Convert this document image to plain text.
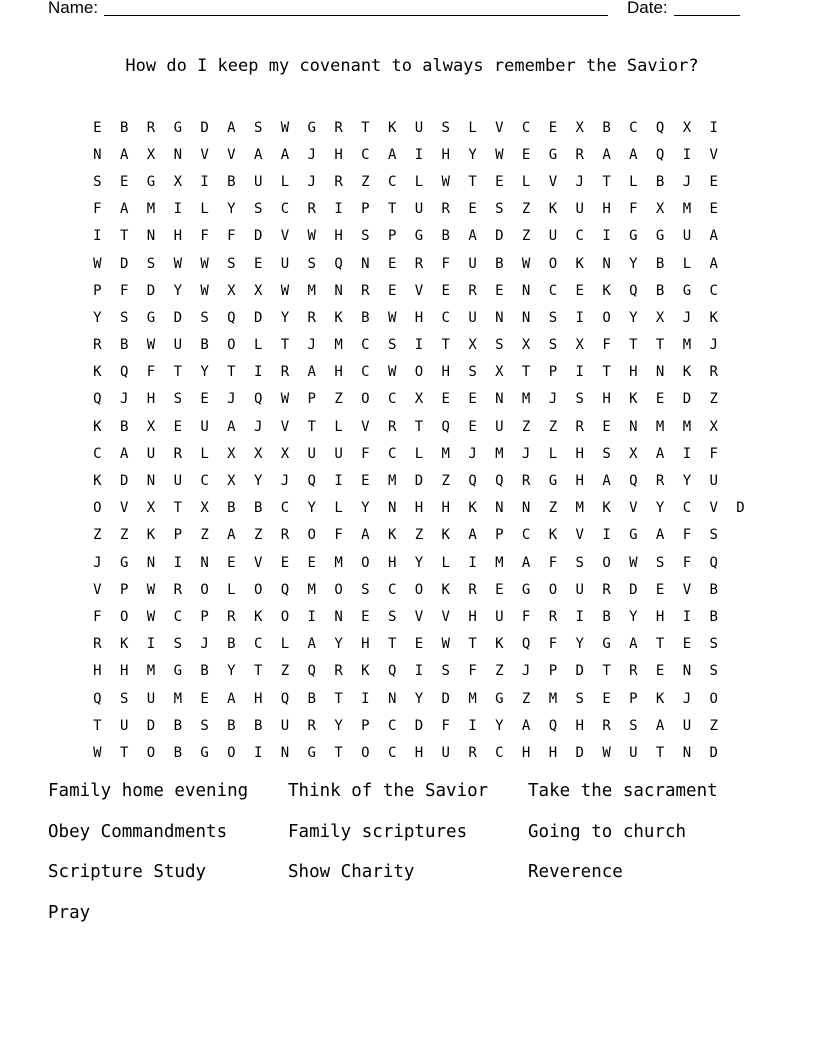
Name:	Date:
How do I keep my covenant to always remember the Savior?
E	B	R	G	D	A	S	W	G	R	T	K	U	S	L	V	C	E	X	B	C	Q	X	I
N	A	X	N	V	V	A	A	J	H	C	A	I	H	Y	W	E	G	R	A	A	Q	I	V
S	E	G	X	I	B	U	L	J	R	Z	C	L	W	T	E	L	V	J	T	L	B	J	E
F	A	M	I	L	Y	S	C	R	I	P	T	U	R	E	S	Z	K	U	H	F	X	M	E
I	T	N	H	F	F	D	V	W	H	S	P	G	B	A	D	Z	U	C	I	G	G	U	A
W	D	S	W	W	S	E	U	S	Q	N	E	R	F	U	B	W	O	K	N	Y	B	L	A
P	F	D	Y	W	X	X	W	M	N	R	E	V	E	R	E	N	C	E	K	Q	B	G	C
Y	S	G	D	S	Q	D	Y	R	K	B	W	H	C	U	N	N	S	I	O	Y	X	J	K
R	B	W	U	B	O	L	T	J	M	C	S	I	T	X	S	X	S	X	F	T	T	M	J
K	Q	F	T	Y	T	I	R	A	H	C	W	O	H	S	X	T	P	I	T	H	N	K	R
Q	J	H	S	E	J	Q	W	P	Z	O	C	X	E	E	N	M	J	S	H	K	E	D	Z
K	B	X	E	U	A	J	V	T	L	V	R	T	Q	E	U	Z	Z	R	E	N	M	M	X
C	A	U	R	L	X	X	X	U	U	F	C	L	M	J	M	J	L	H	S	X	A	I	F
K	D	N	U	C	X	Y	J	Q	I	E	M	D	Z	Q	Q	R	G	H	A	Q	R	Y	U
O	V	X	T	X	B	B	C	Y	L	Y	N	H	H	K	N	N	Z	M	K	V	Y	C	V	D
Z	Z	K	P	Z	A	Z	R	O	F	A	K	Z	K	A	P	C	K	V	I	G	A	F	S
J	G	N	I	N	E	V	E	E	M	O	H	Y	L	I	M	A	F	S	O	W	S	F	Q
V	P	W	R	O	L	O	Q	M	O	S	C	O	K	R	E	G	O	U	R	D	E	V	B
F	O	W	C	P	R	K	O	I	N	E	S	V	V	H	U	F	R	I	B	Y	H	I	B
R	K	I	S	J	B	C	L	A	Y	H	T	E	W	T	K	Q	F	Y	G	A	T	E	S
H	H	M	G	B	Y	T	Z	Q	R	K	Q	I	S	F	Z	J	P	D	T	R	E	N	S
Q	S	U	M	E	A	H	Q	B	T	I	N	Y	D	M	G	Z	M	S	E	P	K	J	O
T	U	D	B	S	B	B	U	R	Y	P	C	D	F	I	Y	A	Q	H	R	S	A	U	Z
W	T	O	B	G	O	I	N	G	T	O	C	H	U	R	C	H	H	D	W	U	T	N	D
Family home evening	Think of the Savior	Take the sacrament
Obey Commandments	Family scriptures	Going to church
Scripture Study	Show Charity	Reverence
Pray
